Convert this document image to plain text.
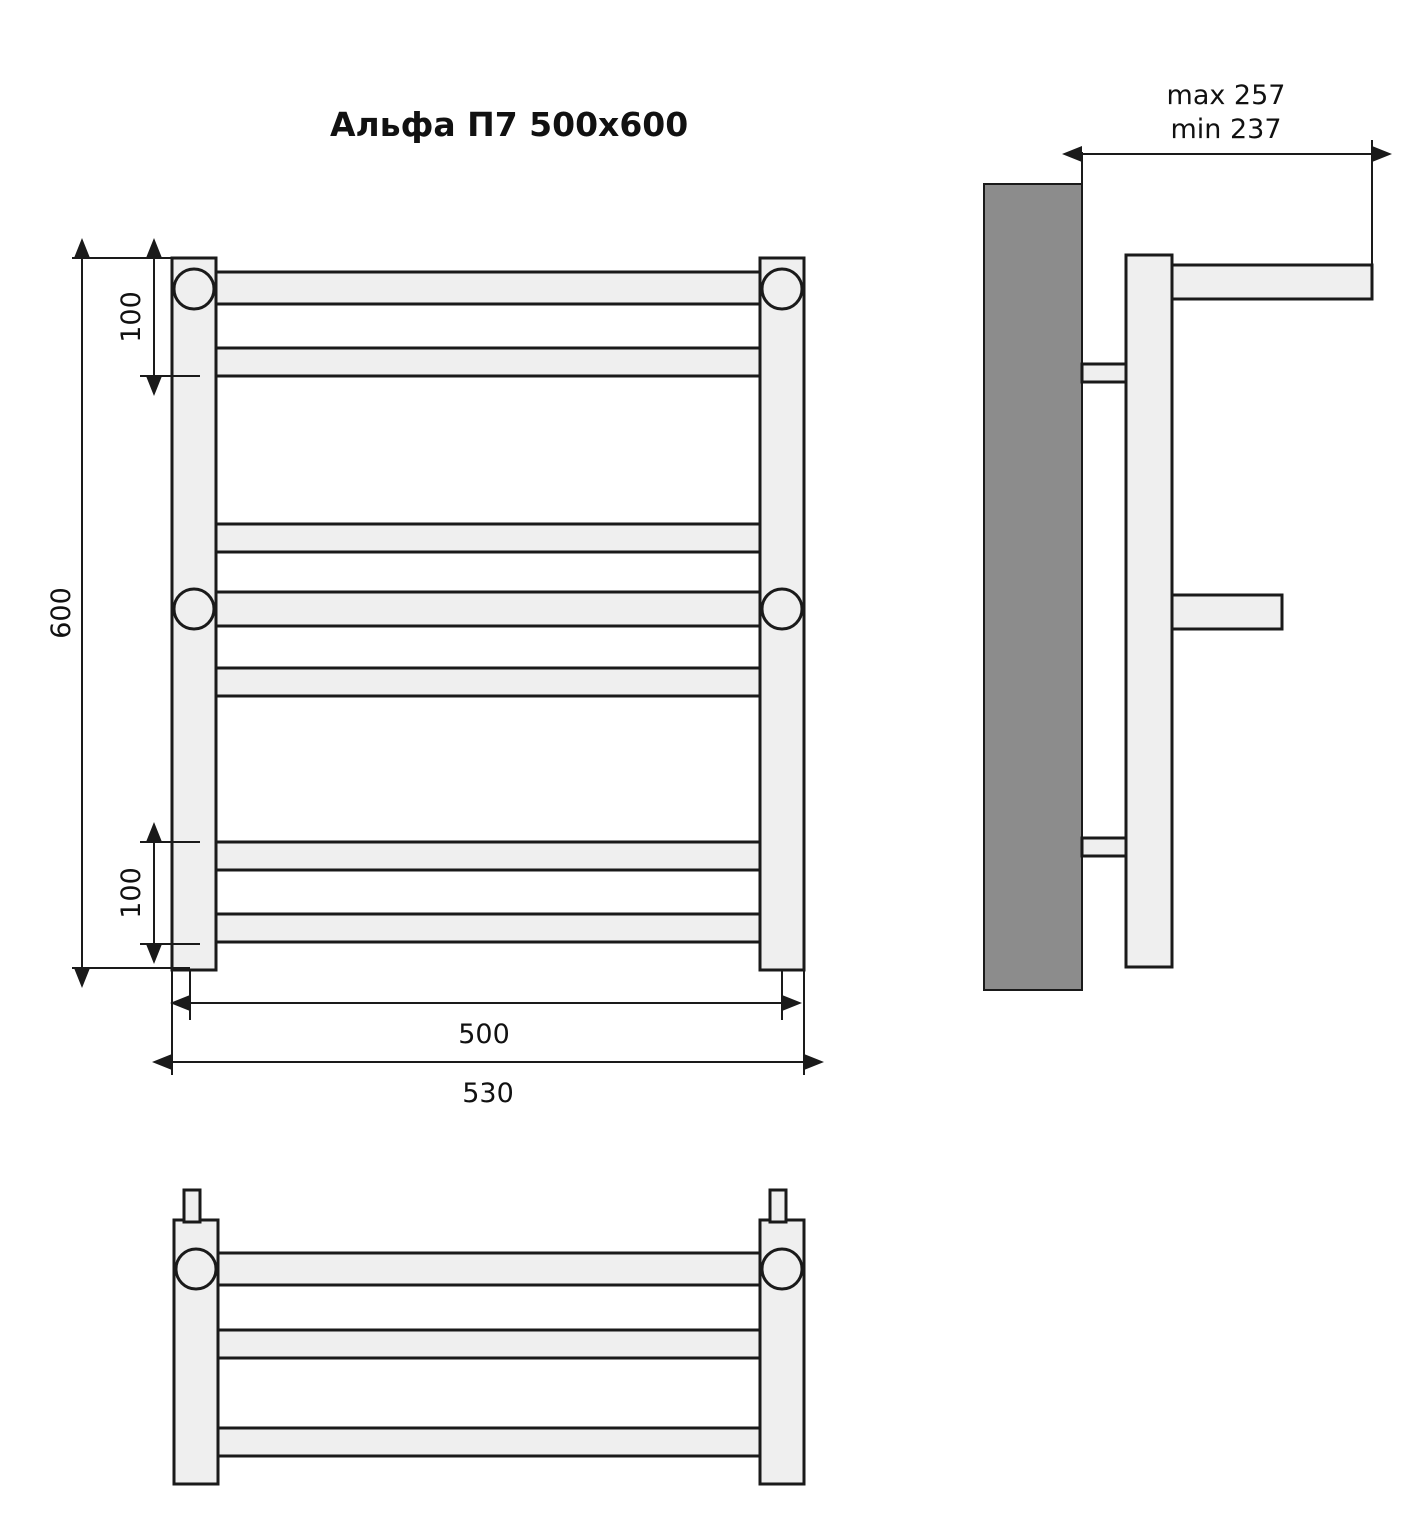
600
100
100
500
530
Альфа П7 500x600
max 257
min 237
